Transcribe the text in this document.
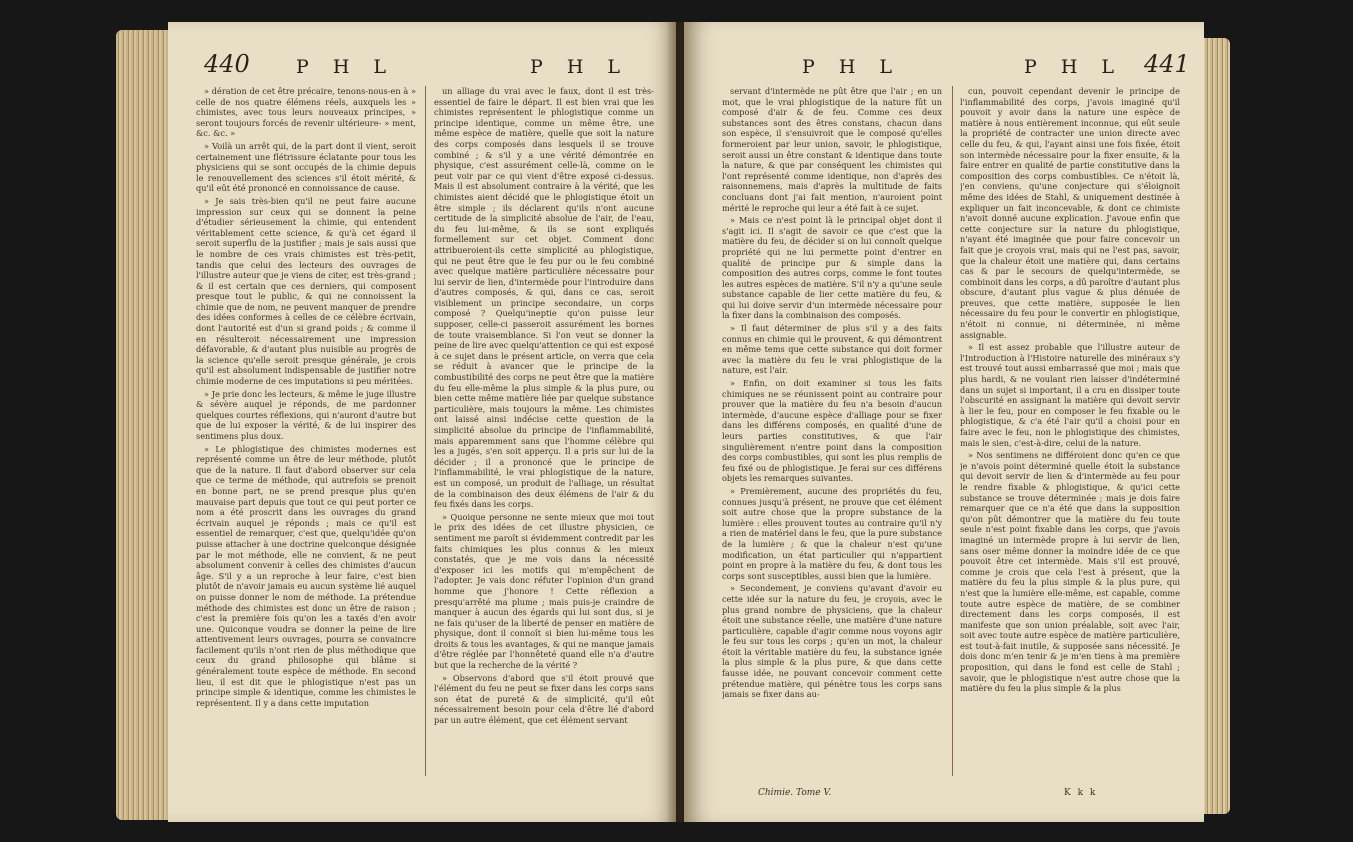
440 P H L	P H L

» dération de cet être précaire, tenons-nous-en à » celle de nos quatre élémens réels, auxquels les » chimistes, avec tous leurs nouveaux principes, » seront toujours forcés de revenir ultérieure- » ment, &c. &c. »

» Voilà un arrêt qui, de la part dont il vient, seroit certainement une flétrissure éclatante pour tous les physiciens qui se sont occupés de la chimie depuis le renouvellement des sciences s'il étoit mérité, & qu'il eût été prononcé en connoissance de cause.

» Je sais très-bien qu'il ne peut faire aucune impression sur ceux qui se donnent la peine d'étudier sérieusement la chimie, qui entendent véritablement cette science, & qu'à cet égard il seroit superflu de la justifier ; mais je sais aussi que le nombre de ces vrais chimistes est très-petit, tandis que celui des lecteurs des ouvrages de l'illustre auteur que je viens de citer, est très-grand ; & il est certain que ces derniers, qui composent presque tout le public, & qui ne connoissent la chimie que de nom, ne peuvent manquer de prendre des idées conformes à celles de ce célèbre écrivain, dont l'autorité est d'un si grand poids ; & comme il en résulteroit nécessairement une impression défavorable, & d'autant plus nuisible au progrès de la science qu'elle seroit presque générale, je crois qu'il est absolument indispensable de justifier notre chimie moderne de ces imputations si peu méritées.

» Je prie donc les lecteurs, & même le juge illustre & sévère auquel je réponds, de me pardonner quelques courtes réflexions, qui n'auront d'autre but que de lui exposer la vérité, & de lui inspirer des sentimens plus doux.

» Le phlogistique des chimistes modernes est représenté comme un être de leur méthode, plutôt que de la nature. Il faut d'abord observer sur cela que ce terme de méthode, qui autrefois se prenoit en bonne part, ne se prend presque plus qu'en mauvaise part depuis que tout ce qui peut porter ce nom a été proscrit dans les ouvrages du grand écrivain auquel je réponds ; mais ce qu'il est essentiel de remarquer, c'est que, quelqu'idée qu'on puisse attacher à une doctrine quelconque désignée par le mot méthode, elle ne convient, & ne peut absolument convenir à celles des chimistes d'aucun âge. S'il y a un reproche à leur faire, c'est bien plutôt de n'avoir jamais eu aucun système lié auquel on puisse donner le nom de méthode. La prétendue méthode des chimistes est donc un être de raison ; c'est la première fois qu'on les a taxés d'en avoir une. Quiconque voudra se donner la peine de lire attentivement leurs ouvrages, pourra se convaincre facilement qu'ils n'ont rien de plus méthodique que ceux du grand philosophe qui blâme si généralement toute espèce de méthode. En second lieu, il est dit que le phlogistique n'est pas un principe simple & identique, comme les chimistes le représentent. Il y a dans cette imputation

un alliage du vrai avec le faux, dont il est très-essentiel de faire le départ. Il est bien vrai que les chimistes représentent le phlogistique comme un principe identique, comme un même être, une même espèce de matière, quelle que soit la nature des corps composés dans lesquels il se trouve combiné ; & s'il y a une vérité démontrée en physique, c'est assurément celle-là, comme on le peut voir par ce qui vient d'être exposé ci-dessus. Mais il est absolument contraire à la vérité, que les chimistes aient décidé que le phlogistique étoit un être simple ; ils déclarent qu'ils n'ont aucune certitude de la simplicité absolue de l'air, de l'eau, du feu lui-même, & ils se sont expliqués formellement sur cet objet. Comment donc attribueroient-ils cette simplicité au phlogistique, qui ne peut être que le feu pur ou le feu combiné avec quelque matière particulière nécessaire pour lui servir de lien, d'intermède pour l'introduire dans d'autres composés, & qui, dans ce cas, seroit visiblement un principe secondaire, un corps composé ? Quelqu'ineptie qu'on puisse leur supposer, celle-ci passeroit assurément les bornes de toute vraisemblance. Si l'on veut se donner la peine de lire avec quelqu'attention ce qui est exposé à ce sujet dans le présent article, on verra que cela se réduit à avancer que le principe de la combustibilité des corps ne peut être que la matière du feu elle-même la plus simple & la plus pure, ou bien cette même matière liée par quelque substance particulière, mais toujours la même. Les chimistes ont laissé ainsi indécise cette question de la simplicité absolue du principe de l'inflammabilité, mais apparemment sans que l'homme célèbre qui les a jugés, s'en soit apperçu. Il a pris sur lui de la décider ; il a prononcé que le principe de l'inflammabilité, le vrai phlogistique de la nature, est un composé, un produit de l'alliage, un résultat de la combinaison des deux élémens de l'air & du feu fixés dans les corps.

» Quoique personne ne sente mieux que moi tout le prix des idées de cet illustre physicien, ce sentiment me paroît si évidemment contredit par les faits chimiques les plus connus & les mieux constatés, que je me vois dans la nécessité d'exposer ici les motifs qui m'empêchent de l'adopter. Je vais donc réfuter l'opinion d'un grand homme que j'honore ! Cette réflexion a presqu'arrêté ma plume ; mais puis-je craindre de manquer à aucun des égards qui lui sont dus, si je ne fais qu'user de la liberté de penser en matière de physique, dont il connoît si bien lui-même tous les droits & tous les avantages, & qui ne manque jamais d'être réglée par l'honnêteté quand elle n'a d'autre but que la recherche de la vérité ?

» Observons d'abord que s'il étoit prouvé que l'élément du feu ne peut se fixer dans les corps sans son état de pureté & de simplicité, qu'il eût nécessairement besoin pour cela d'être lié d'abord par un autre élément, que cet élément servant

P H L	P H L 441

servant d'intermède ne pût être que l'air ; en un mot, que le vrai phlogistique de la nature fût un composé d'air & de feu. Comme ces deux substances sont des êtres constans, chacun dans son espèce, il s'ensuivroit que le composé qu'elles formeroient par leur union, savoir, le phlogistique, seroit aussi un être constant & identique dans toute la nature, & que par conséquent les chimistes qui l'ont représenté comme identique, non d'après des raisonnemens, mais d'après la multitude de faits concluans dont j'ai fait mention, n'auroient point mérité le reproche qui leur a été fait à ce sujet.

» Mais ce n'est point là le principal objet dont il s'agit ici. Il s'agit de savoir ce que c'est que la matière du feu, de décider si on lui connoît quelque propriété qui ne lui permette point d'entrer en qualité de principe pur & simple dans la composition des autres corps, comme le font toutes les autres espèces de matière. S'il n'y a qu'une seule substance capable de lier cette matière du feu, & qui lui doive servir d'un intermède nécessaire pour la fixer dans la combinaison des composés.

» Il faut déterminer de plus s'il y a des faits connus en chimie qui le prouvent, & qui démontrent en même tems que cette substance qui doit former avec la matière du feu le vrai phlogistique de la nature, est l'air.

» Enfin, on doit examiner si tous les faits chimiques ne se réunissent point au contraire pour prouver que la matière du feu n'a besoin d'aucun intermède, d'aucune espèce d'alliage pour se fixer dans les différens composés, en qualité d'une de leurs parties constitutives, & que l'air singulièrement n'entre point dans la composition des corps combustibles, qui sont les plus remplis de feu fixé ou de phlogistique. Je ferai sur ces différens objets les remarques suivantes.

» Premièrement, aucune des propriétés du feu, connues jusqu'à présent, ne prouve que cet élément soit autre chose que la propre substance de la lumière : elles prouvent toutes au contraire qu'il n'y a rien de matériel dans le feu, que la pure substance de la lumière ; & que la chaleur n'est qu'une modification, un état particulier qui n'appartient point en propre à la matière du feu, & dont tous les corps sont susceptibles, aussi bien que la lumière.

» Secondement, je conviens qu'avant d'avoir eu cette idée sur la nature du feu, je croyois, avec le plus grand nombre de physiciens, que la chaleur étoit une substance réelle, une matière d'une nature particulière, capable d'agir comme nous voyons agir le feu sur tous les corps ; qu'en un mot, la chaleur étoit la véritable matière du feu, la substance ignée la plus simple & la plus pure, & que dans cette fausse idée, ne pouvant concevoir comment cette prétendue matière, qui pénètre tous les corps sans jamais se fixer dans au-

cun, pouvoit cependant devenir le principe de l'inflammabilité des corps, j'avois imaginé qu'il pouvoit y avoir dans la nature une espèce de matière à nous entièrement inconnue, qui eût seule la propriété de contracter une union directe avec celle du feu, & qui, l'ayant ainsi une fois fixée, étoit son intermède nécessaire pour la fixer ensuite, & la faire entrer en qualité de partie constitutive dans la composition des corps combustibles. Ce n'étoit là, j'en conviens, qu'une conjecture qui s'éloignoit même des idées de Stahl, & uniquement destinée à expliquer un fait inconcevable, & dont ce chimiste n'avoit donné aucune explication. J'avoue enfin que cette conjecture sur la nature du phlogistique, n'ayant été imaginée que pour faire concevoir un fait que je croyois vrai, mais qui ne l'est pas, savoir, que la chaleur étoit une matière qui, dans certains cas & par le secours de quelqu'intermède, se combinoit dans les corps, a dû paroître d'autant plus obscure, d'autant plus vague & plus dénuée de preuves, que cette matière, supposée le lien nécessaire du feu pour le convertir en phlogistique, n'étoit ni connue, ni déterminée, ni même assignable.

» Il est assez probable que l'illustre auteur de l'Introduction à l'Histoire naturelle des minéraux s'y est trouvé tout aussi embarrassé que moi ; mais que plus hardi, & ne voulant rien laisser d'indéterminé dans un sujet si important, il a cru en dissiper toute l'obscurité en assignant la matière qui devoit servir à lier le feu, pour en composer le feu fixable ou le phlogistique, & c'a été l'air qu'il a choisi pour en faire avec le feu, non le phlogistique des chimistes, mais le sien, c'est-à-dire, celui de la nature.

» Nos sentimens ne différoient donc qu'en ce que je n'avois point déterminé quelle étoit la substance qui devoit servir de lien & d'intermède au feu pour le rendre fixable & phlogistique, & qu'ici cette substance se trouve déterminée ; mais je dois faire remarquer que ce n'a été que dans la supposition qu'on pût démontrer que la matière du feu toute seule n'est point fixable dans les corps, que j'avois imaginé un intermède propre à lui servir de lien, sans oser même donner la moindre idée de ce que pouvoit être cet intermède. Mais s'il est prouvé, comme je crois que cela l'est à présent, que la matière du feu la plus simple & la plus pure, qui n'est que la lumière elle-même, est capable, comme toute autre espèce de matière, de se combiner directement dans les corps composés, il est manifeste que son union préalable, soit avec l'air, soit avec toute autre espèce de matière particulière, est tout-à-fait inutile, & supposée sans nécessité. Je dois donc m'en tenir & je m'en tiens à ma première proposition, qui dans le fond est celle de Stahl ; savoir, que le phlogistique n'est autre chose que la matière du feu la plus simple & la plus

Chimie. Tome V.	K k k
